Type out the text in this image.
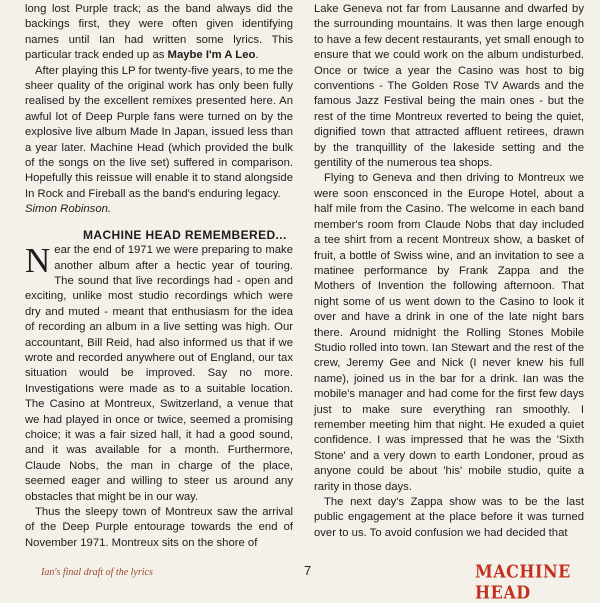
long lost Purple track; as the band always did the backings first, they were often given identifying names until Ian had written some lyrics. This particular track ended up as Maybe I'm A Leo.

After playing this LP for twenty-five years, to me the sheer quality of the original work has only been fully realised by the excellent remixes presented here. An awful lot of Deep Purple fans were turned on by the explosive live album Made In Japan, issued less than a year later. Machine Head (which provided the bulk of the songs on the live set) suffered in comparison. Hopefully this reissue will enable it to stand alongside In Rock and Fireball as the band's enduring legacy.

Simon Robinson.

MACHINE HEAD REMEMBERED...

Near the end of 1971 we were preparing to make another album after a hectic year of touring. The sound that live recordings had - open and exciting, unlike most studio recordings which were dry and muted - meant that enthusiasm for the idea of recording an album in a live setting was high. Our accountant, Bill Reid, had also informed us that if we wrote and recorded anywhere out of England, our tax situation would be improved. Say no more. Investigations were made as to a suitable location. The Casino at Montreux, Switzerland, a venue that we had played in once or twice, seemed a promising choice; it was a fair sized hall, it had a good sound, and it was available for a month. Furthermore, Claude Nobs, the man in charge of the place, seemed eager and willing to steer us around any obstacles that might be in our way.

Thus the sleepy town of Montreux saw the arrival of the Deep Purple entourage towards the end of November 1971. Montreux sits on the shore of

Lake Geneva not far from Lausanne and dwarfed by the surrounding mountains. It was then large enough to have a few decent restaurants, yet small enough to ensure that we could work on the album undisturbed. Once or twice a year the Casino was host to big conventions - The Golden Rose TV Awards and the famous Jazz Festival being the main ones - but the rest of the time Montreux reverted to being the quiet, dignified town that attracted affluent retirees, drawn by the tranquillity of the lakeside setting and the gentility of the numerous tea shops.

Flying to Geneva and then driving to Montreux we were soon ensconced in the Europe Hotel, about a half mile from the Casino. The welcome in each band member's room from Claude Nobs that day included a tee shirt from a recent Montreux show, a basket of fruit, a bottle of Swiss wine, and an invitation to see a matinee performance by Frank Zappa and the Mothers of Invention the following afternoon. That night some of us went down to the Casino to look it over and have a drink in one of the late night bars there. Around midnight the Rolling Stones Mobile Studio rolled into town. Ian Stewart and the rest of the crew, Jeremy Gee and Nick (I never knew his full name), joined us in the bar for a drink. Ian was the mobile's manager and had come for the first few days just to make sure everything ran smoothly. I remember meeting him that night. He exuded a quiet confidence. I was impressed that he was the 'Sixth Stone' and a very down to earth Londoner, proud as anyone could be about 'his' mobile studio, quite a rarity in those days.

The next day's Zappa show was to be the last public engagement at the place before it was turned over to us. To avoid confusion we had decided that

Ian's final draft of the lyrics	7	MACHINE HEAD
